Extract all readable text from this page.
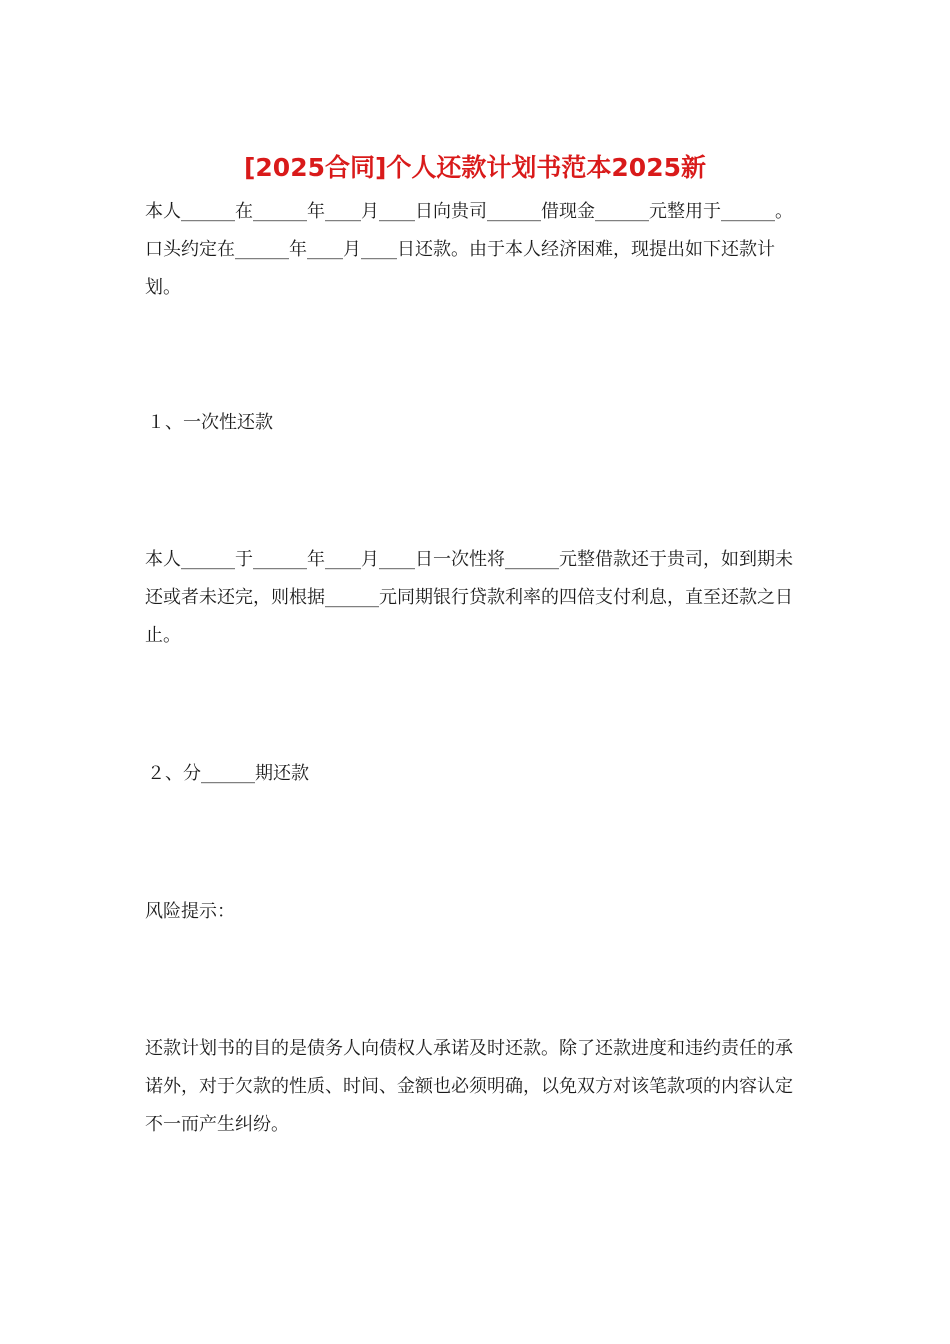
[2025合同]个人还款计划书范本2025新

本人______在______年____月____日向贵司______借现金______元整用于______。口头约定在______年____月____日还款。由于本人经济困难，现提出如下还款计划。

１、一次性还款

本人______于______年____月____日一次性将______元整借款还于贵司，如到期未还或者未还完，则根据______元同期银行贷款利率的四倍支付利息，直至还款之日止。

２、分______期还款

风险提示：

还款计划书的目的是债务人向债权人承诺及时还款。除了还款进度和违约责任的承诺外，对于欠款的性质、时间、金额也必须明确，以免双方对该笔款项的内容认定不一而产生纠纷。
